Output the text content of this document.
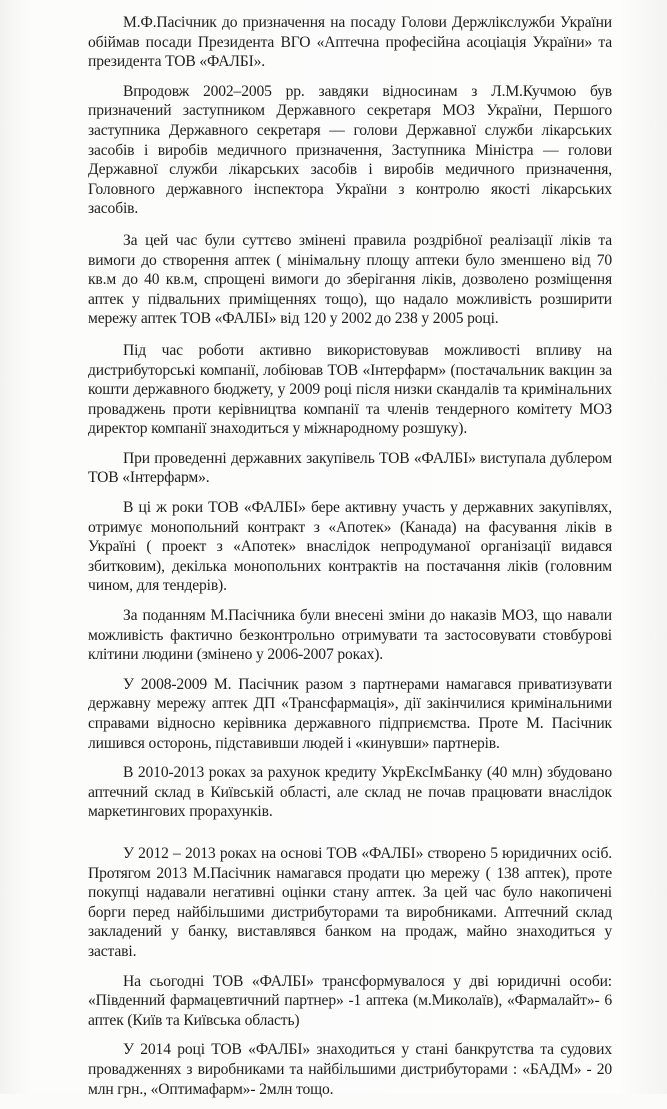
М.Ф.Пасічник до призначення на посаду Голови Держлікслужби України обіймав посади Президента ВГО «Аптечна професійна асоціація України» та президента ТОВ «ФАЛБІ».

Впродовж 2002–2005 рр. завдяки відносинам з Л.М.Кучмою був призначений заступником Державного секретаря МОЗ України, Першого заступника Державного секретаря — голови Державної служби лікарських засобів і виробів медичного призначення, Заступника Міністра — голови Державної служби лікарських засобів і виробів медичного призначення, Головного державного інспектора України з контролю якості лікарських засобів.

За цей час були суттєво змінені правила роздрібної реалізації ліків та вимоги до створення аптек ( мінімальну площу аптеки було зменшено від 70 кв.м до 40 кв.м, спрощені вимоги до зберігання ліків, дозволено розміщення аптек у підвальних приміщеннях тощо), що надало можливість розширити мережу аптек ТОВ «ФАЛБІ» від 120 у 2002 до 238 у 2005 році.

Під час роботи активно використовував можливості впливу на дистрибуторські компанії, лобіював ТОВ «Інтерфарм» (постачальник вакцин за кошти державного бюджету, у 2009 році після низки скандалів та кримінальних проваджень проти керівництва компанії та членів тендерного комітету МОЗ директор компанії знаходиться у міжнародному розшуку).

При проведенні державних закупівель ТОВ «ФАЛБІ» виступала дублером ТОВ «Інтерфарм».

В ці ж роки ТОВ «ФАЛБІ» бере активну участь у державних закупівлях, отримує монопольний контракт з «Апотек» (Канада) на фасування ліків в Україні ( проект з «Апотек» внаслідок непродуманої організації видався збитковим), декілька монопольних контрактів на постачання ліків (головним чином, для тендерів).

За поданням М.Пасічника були внесені зміни до наказів МОЗ, що навали можливість фактично безконтрольно отримувати та застосовувати стовбурові клітини людини (змінено у 2006-2007 роках).

У 2008-2009 М. Пасічник разом з партнерами намагався приватизувати державну мережу аптек ДП «Трансфармація», дії закінчилися кримінальними справами відносно керівника державного підприємства. Проте М. Пасічник лишився осторонь, підставивши людей і «кинувши» партнерів.

В 2010-2013 роках за рахунок кредиту УкрЕксІмБанку (40 млн) збудовано аптечний склад в Київській області, але склад не почав працювати внаслідок маркетингових прорахунків.

У 2012 – 2013 роках на основі ТОВ «ФАЛБІ» створено 5 юридичних осіб. Протягом 2013 М.Пасічник намагався продати цю мережу ( 138 аптек), проте покупці надавали негативні оцінки стану аптек. За цей час було накопичені борги перед найбільшими дистрибуторами та виробниками. Аптечний склад закладений у банку, виставлявся банком на продаж, майно знаходиться у заставі.

На сьогодні ТОВ «ФАЛБІ» трансформувалося у дві юридичні особи: «Південний фармацевтичний партнер» -1 аптека (м.Миколаїв), «Фармалайт»- 6 аптек (Київ та Київська область)

У 2014 році ТОВ «ФАЛБІ» знаходиться у стані банкрутства та судових провадженнях з виробниками та найбільшими дистрибуторами : «БАДМ» - 20 млн грн., «Оптимафарм»- 2млн тощо.
